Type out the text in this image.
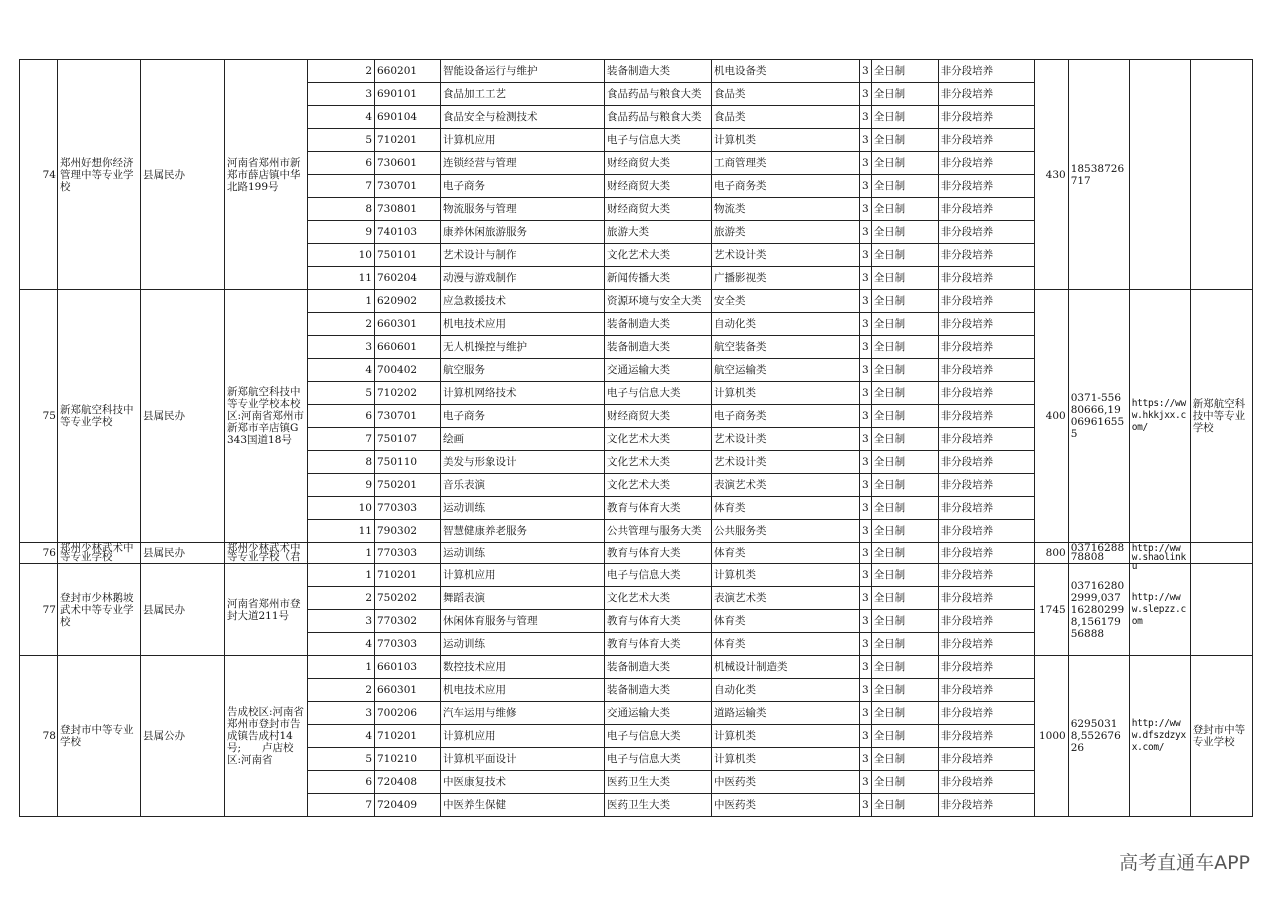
74	郑州好想你经济管理中等专业学校	县属民办	河南省郑州市新郑市薛店镇中华北路199号	2	660201	智能设备运行与维护	装备制造大类	机电设备类	3	全日制	非分段培养	430	18538726717		

				3	690101	食品加工工艺	食品药品与粮食大类	食品类	3	全日制	非分段培养				
				4	690104	食品安全与检测技术	食品药品与粮食大类	食品类	3	全日制	非分段培养				
				5	710201	计算机应用	电子与信息大类	计算机类	3	全日制	非分段培养				
				6	730601	连锁经营与管理	财经商贸大类	工商管理类	3	全日制	非分段培养				
				7	730701	电子商务	财经商贸大类	电子商务类	3	全日制	非分段培养				
				8	730801	物流服务与管理	财经商贸大类	物流类	3	全日制	非分段培养				
				9	740103	康养休闲旅游服务	旅游大类	旅游类	3	全日制	非分段培养				
				10	750101	艺术设计与制作	文化艺术大类	艺术设计类	3	全日制	非分段培养				
				11	760204	动漫与游戏制作	新闻传播大类	广播影视类	3	全日制	非分段培养				
75	新郑航空科技中等专业学校	县属民办	新郑航空科技中等专业学校本校区:河南省郑州市新郑市辛店镇G343国道18号	1	620902	应急救援技术	资源环境与安全大类	安全类	3	全日制	非分段培养	400	0371-55680666,19069616555	https://www.hkkjxx.com/	新郑航空科技中等专业学校
				2	660301	机电技术应用	装备制造大类	自动化类	3	全日制	非分段培养				
				3	660601	无人机操控与维护	装备制造大类	航空装备类	3	全日制	非分段培养				
				4	700402	航空服务	交通运输大类	航空运输类	3	全日制	非分段培养				
				5	710202	计算机网络技术	电子与信息大类	计算机类	3	全日制	非分段培养				
				6	730701	电子商务	财经商贸大类	电子商务类	3	全日制	非分段培养				
				7	750107	绘画	文化艺术大类	艺术设计类	3	全日制	非分段培养				
				8	750110	美发与形象设计	文化艺术大类	艺术设计类	3	全日制	非分段培养				
				9	750201	音乐表演	文化艺术大类	表演艺术类	3	全日制	非分段培养				
				10	770303	运动训练	教育与体育大类	体育类	3	全日制	非分段培养				
				11	790302	智慧健康养老服务	公共管理与服务大类	公共服务类	3	全日制	非分段培养				
76	郑州少林武术中等专业学校	县属民办	郑州少林武术中等专业学校（君	1	770303	运动训练	教育与体育大类	体育类	3	全日制	非分段培养	800	0371628878808	http://www.shaolinku	

77	登封市少林鹅坡武术中等专业学校	县属民办	河南省郑州市登封大道211号	1	710201	计算机应用	电子与信息大类	计算机类	3	全日制	非分段培养	1745	037162802999,037162802998,15617956888	http://www.slepzz.com	

				2	750202	舞蹈表演	文化艺术大类	表演艺术类	3	全日制	非分段培养				
				3	770302	休闲体育服务与管理	教育与体育大类	体育类	3	全日制	非分段培养				
				4	770303	运动训练	教育与体育大类	体育类	3	全日制	非分段培养				
78	登封市中等专业学校	县属公办	告成校区:河南省郑州市登封市告成镇告成村14号;　　卢店校区:河南省	1	660103	数控技术应用	装备制造大类	机械设计制造类	3	全日制	非分段培养	1000	62950318,55267626	http://www.dfszdzyxx.com/	登封市中等专业学校
				2	660301	机电技术应用	装备制造大类	自动化类	3	全日制	非分段培养				
				3	700206	汽车运用与维修	交通运输大类	道路运输类	3	全日制	非分段培养				
				4	710201	计算机应用	电子与信息大类	计算机类	3	全日制	非分段培养				
				5	710210	计算机平面设计	电子与信息大类	计算机类	3	全日制	非分段培养				
				6	720408	中医康复技术	医药卫生大类	中医药类	3	全日制	非分段培养				
				7	720409	中医养生保健	医药卫生大类	中医药类	3	全日制	非分段培养				
高考直通车APP
